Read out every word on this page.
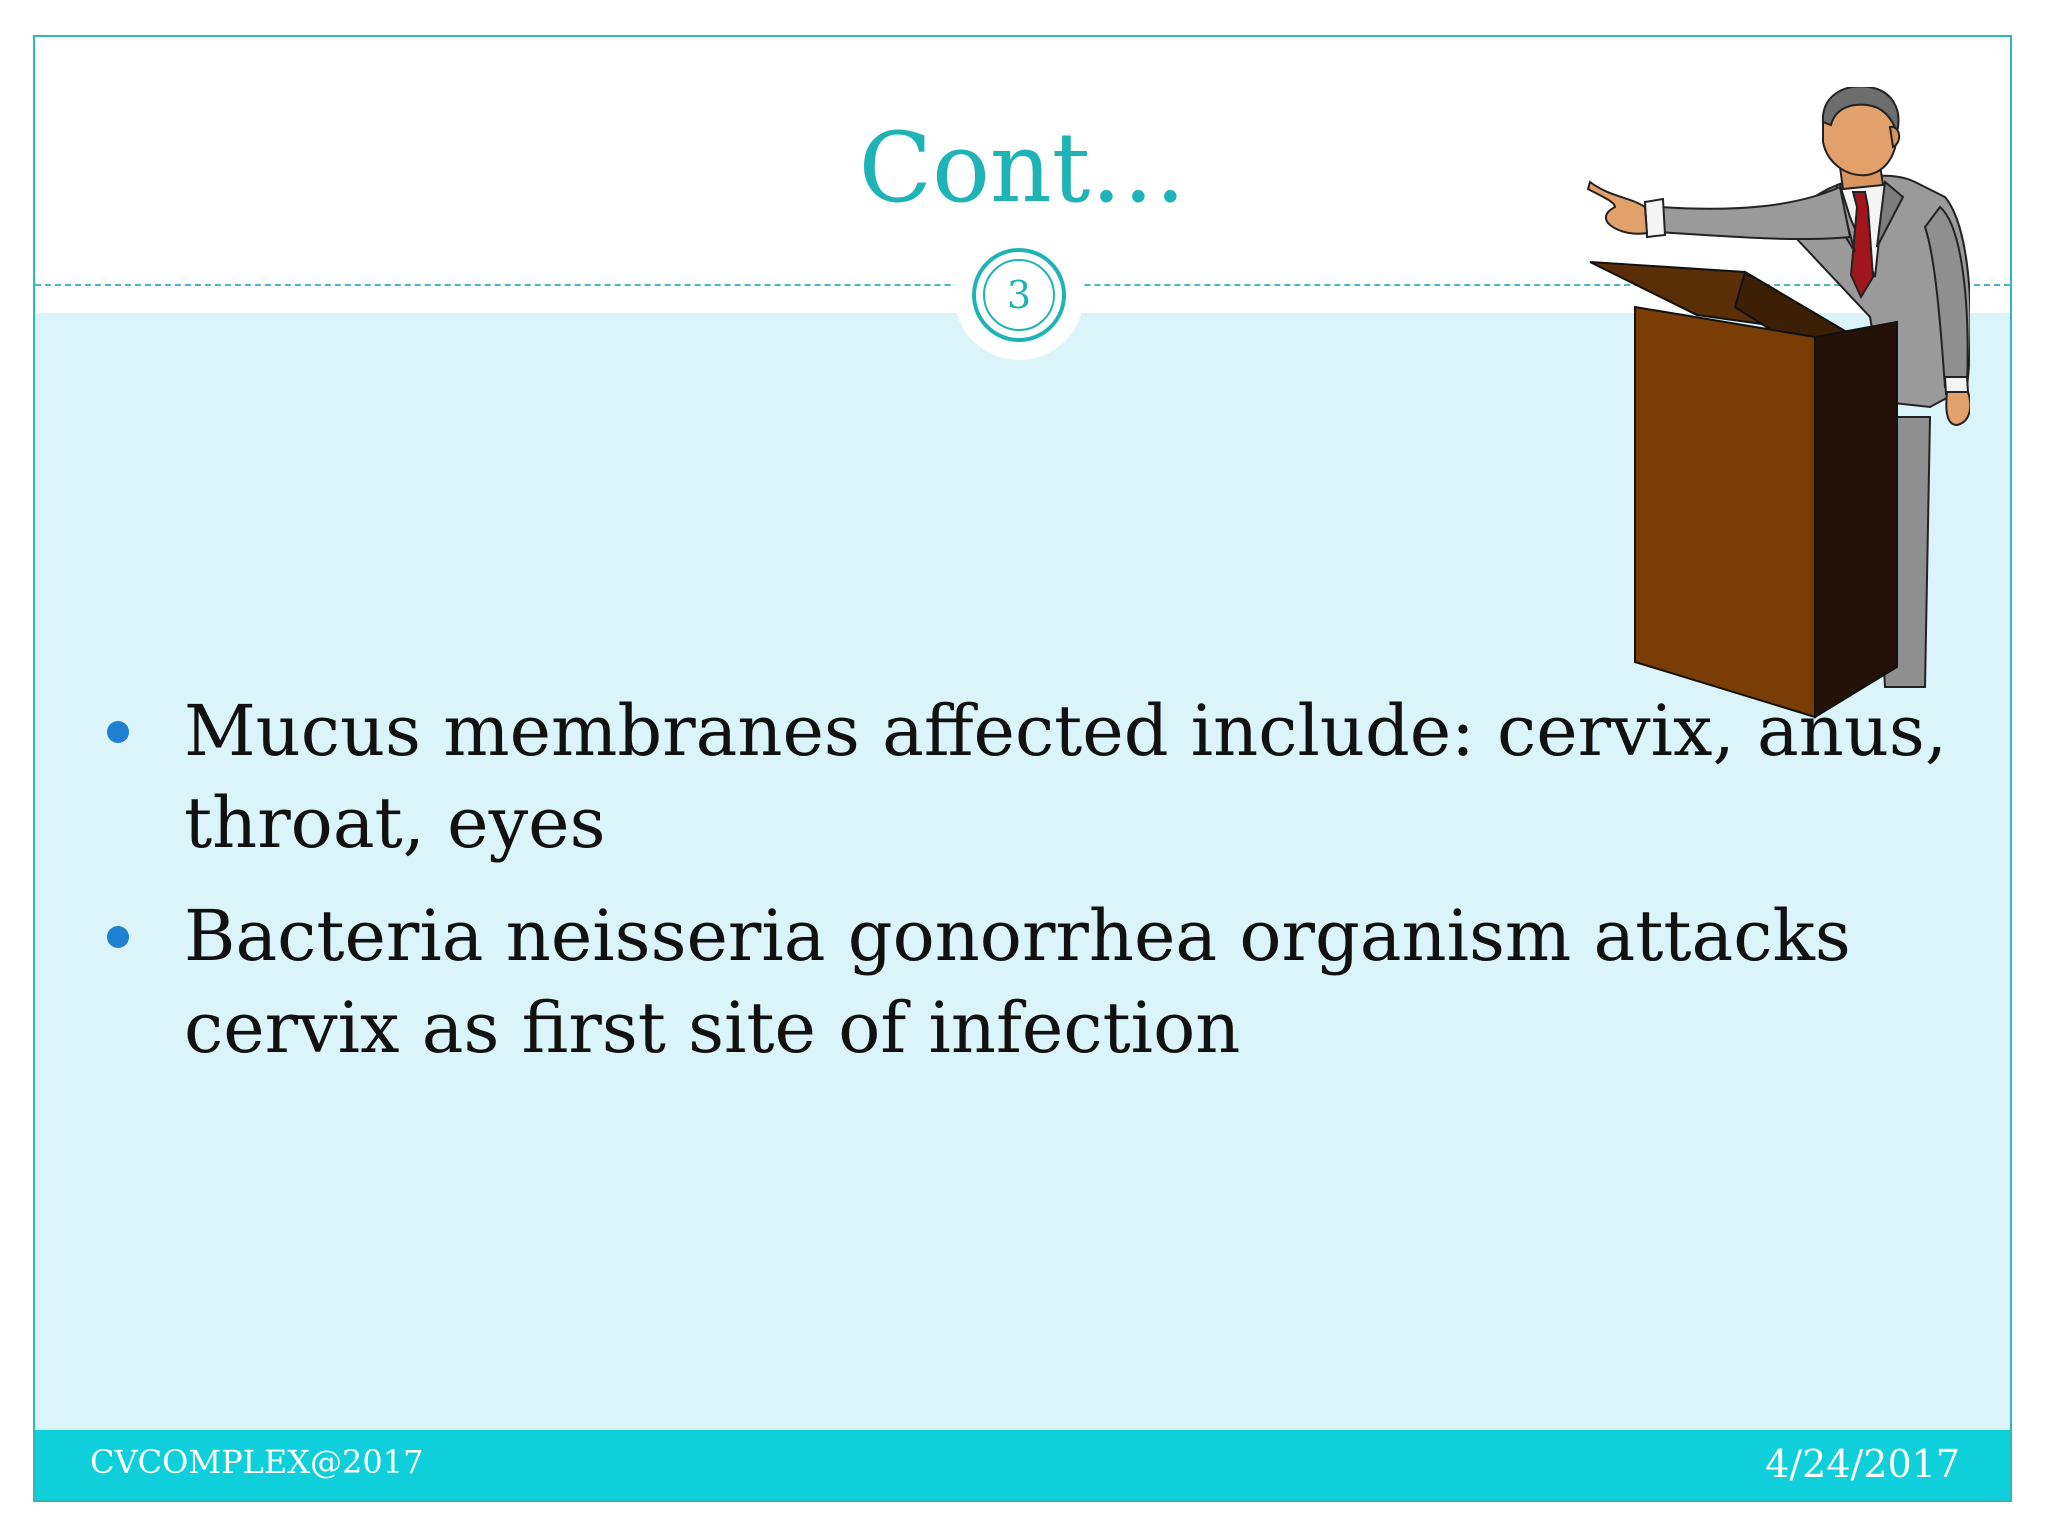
Cont…
3
Mucus membranes affected include: cervix, anus, throat, eyes
Bacteria neisseria gonorrhea organism attacks cervix as first site of infection
CVCOMPLEX@2017	4/24/2017
